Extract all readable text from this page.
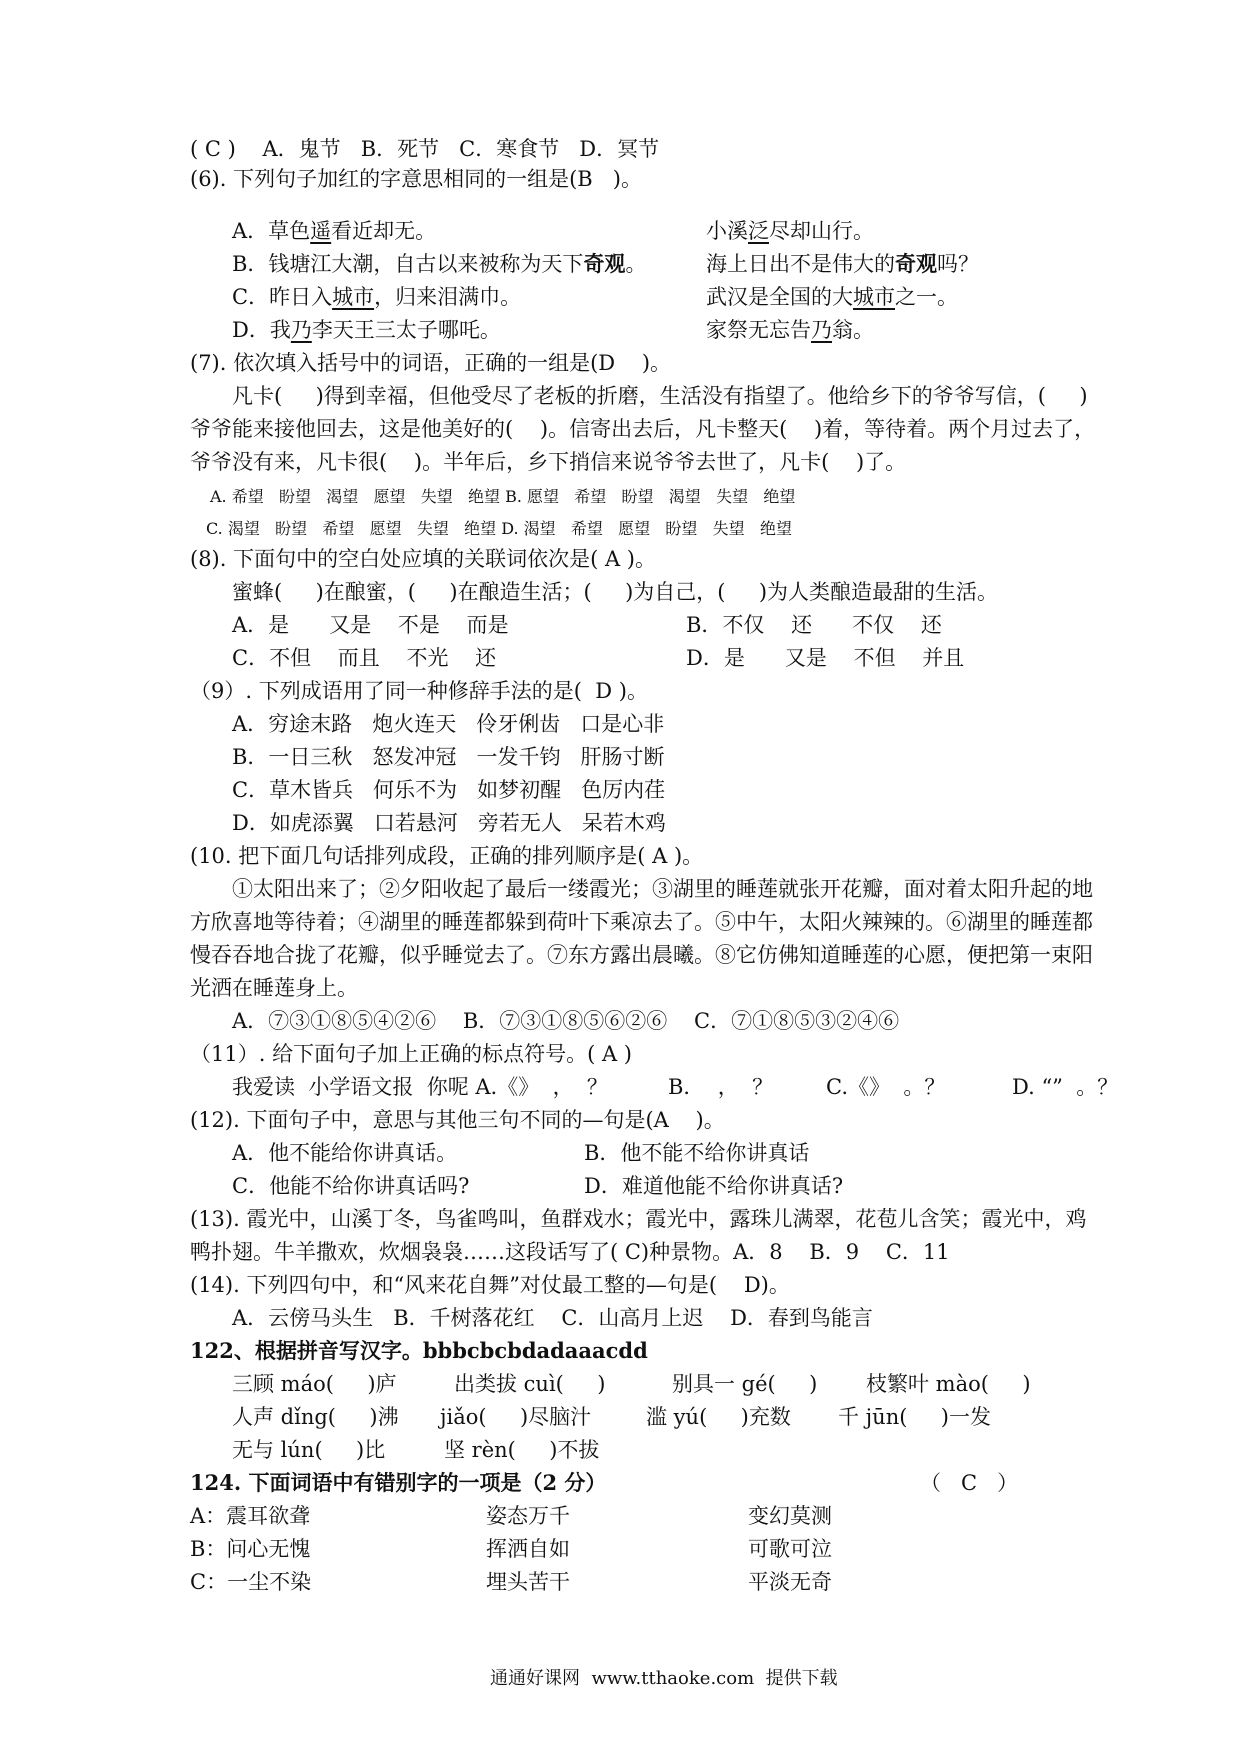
( C )    A．鬼节   B．死节   C．寒食节   D．冥节
(6). 下列句子加红的字意思相同的一组是(B   )。
A．草色遥看近却无。	小溪泛尽却山行。
B．钱塘江大潮，自古以来被称为天下奇观。	海上日出不是伟大的奇观吗？
C．昨日入城市，归来泪满巾。	武汉是全国的大城市之一。
D．我乃李天王三太子哪吒。	家祭无忘告乃翁。
(7). 依次填入括号中的词语，正确的一组是(D    )。
凡卡(     )得到幸福，但他受尽了老板的折磨，生活没有指望了。他给乡下的爷爷写信，(     )
爷爷能来接他回去，这是他美好的(    )。信寄出去后，凡卡整天(    )着，等待着。两个月过去了，
爷爷没有来，凡卡很(    )。半年后，乡下捎信来说爷爷去世了，凡卡(    )了。
A. 希望   盼望   渴望   愿望   失望   绝望 B. 愿望   希望   盼望   渴望   失望   绝望
C. 渴望   盼望   希望   愿望   失望   绝望 D. 渴望   希望   愿望   盼望   失望   绝望
(8). 下面句中的空白处应填的关联词依次是( A )。
蜜蜂(     )在酿蜜，(     )在酿造生活；(     )为自己，(     )为人类酿造最甜的生活。
A．是      又是    不是    而是	B．不仅    还      不仅    还
C．不但    而且    不光    还	D．是      又是    不但    并且
（9）. 下列成语用了同一种修辞手法的是(  D )。
A．穷途末路   炮火连天   伶牙俐齿   口是心非
B．一日三秋   怒发冲冠   一发千钧   肝肠寸断
C．草木皆兵   何乐不为   如梦初醒   色厉内荏
D．如虎添翼   口若悬河   旁若无人   呆若木鸡
(10. 把下面几句话排列成段，正确的排列顺序是( A )。
①太阳出来了；②夕阳收起了最后一缕霞光；③湖里的睡莲就张开花瓣，面对着太阳升起的地
方欣喜地等待着；④湖里的睡莲都躲到荷叶下乘凉去了。⑤中午，太阳火辣辣的。⑥湖里的睡莲都
慢吞吞地合拢了花瓣，似乎睡觉去了。⑦东方露出晨曦。⑧它仿佛知道睡莲的心愿，便把第一束阳
光洒在睡莲身上。
A．⑦③①⑧⑤④②⑥    B．⑦③①⑧⑤⑥②⑥    C．⑦①⑧⑤③②④⑥
（11）. 给下面句子加上正确的标点符号。( A )
我爱读  小学语文报  你呢 A.《》  ，  ？	B．  ，  ？	C.《》  。？	D. “”  。？
(12). 下面句子中，意思与其他三句不同的—句是(A    )。
A．他不能给你讲真话。	B．他不能不给你讲真话
C．他能不给你讲真话吗?	D．难道他能不给你讲真话?
(13). 霞光中，山溪丁冬，鸟雀鸣叫，鱼群戏水；霞光中，露珠儿满翠，花苞儿含笑；霞光中，鸡
鸭扑翅。牛羊撒欢，炊烟袅袅……这段话写了( C)种景物。A．8    B．9    C．11
(14). 下列四句中，和“风来花自舞”对仗最工整的—句是(    D)。
A．云傍马头生   B．千树落花红    C．山高月上迟    D．春到鸟能言
122、根据拼音写汉字。bbbcbcbdadaaacdd
三顾 máo(     )庐	出类拔 cuì(     )	别具一 gé(     ) 枝繁叶 mào(     )
人声 dǐng(     )沸 jiǎo(     )尽脑汁	滥 yú(     )充数 千 jūn(     )一发
无与 lún(     )比	坚 rèn(     )不拔
124. 下面词语中有错别字的一项是（2 分）	（   C   ）
A：震耳欲聋	姿态万千	变幻莫测
B：问心无愧	挥洒自如	可歌可泣
C：一尘不染	埋头苦干	平淡无奇
通通好课网  www.tthaoke.com  提供下载
